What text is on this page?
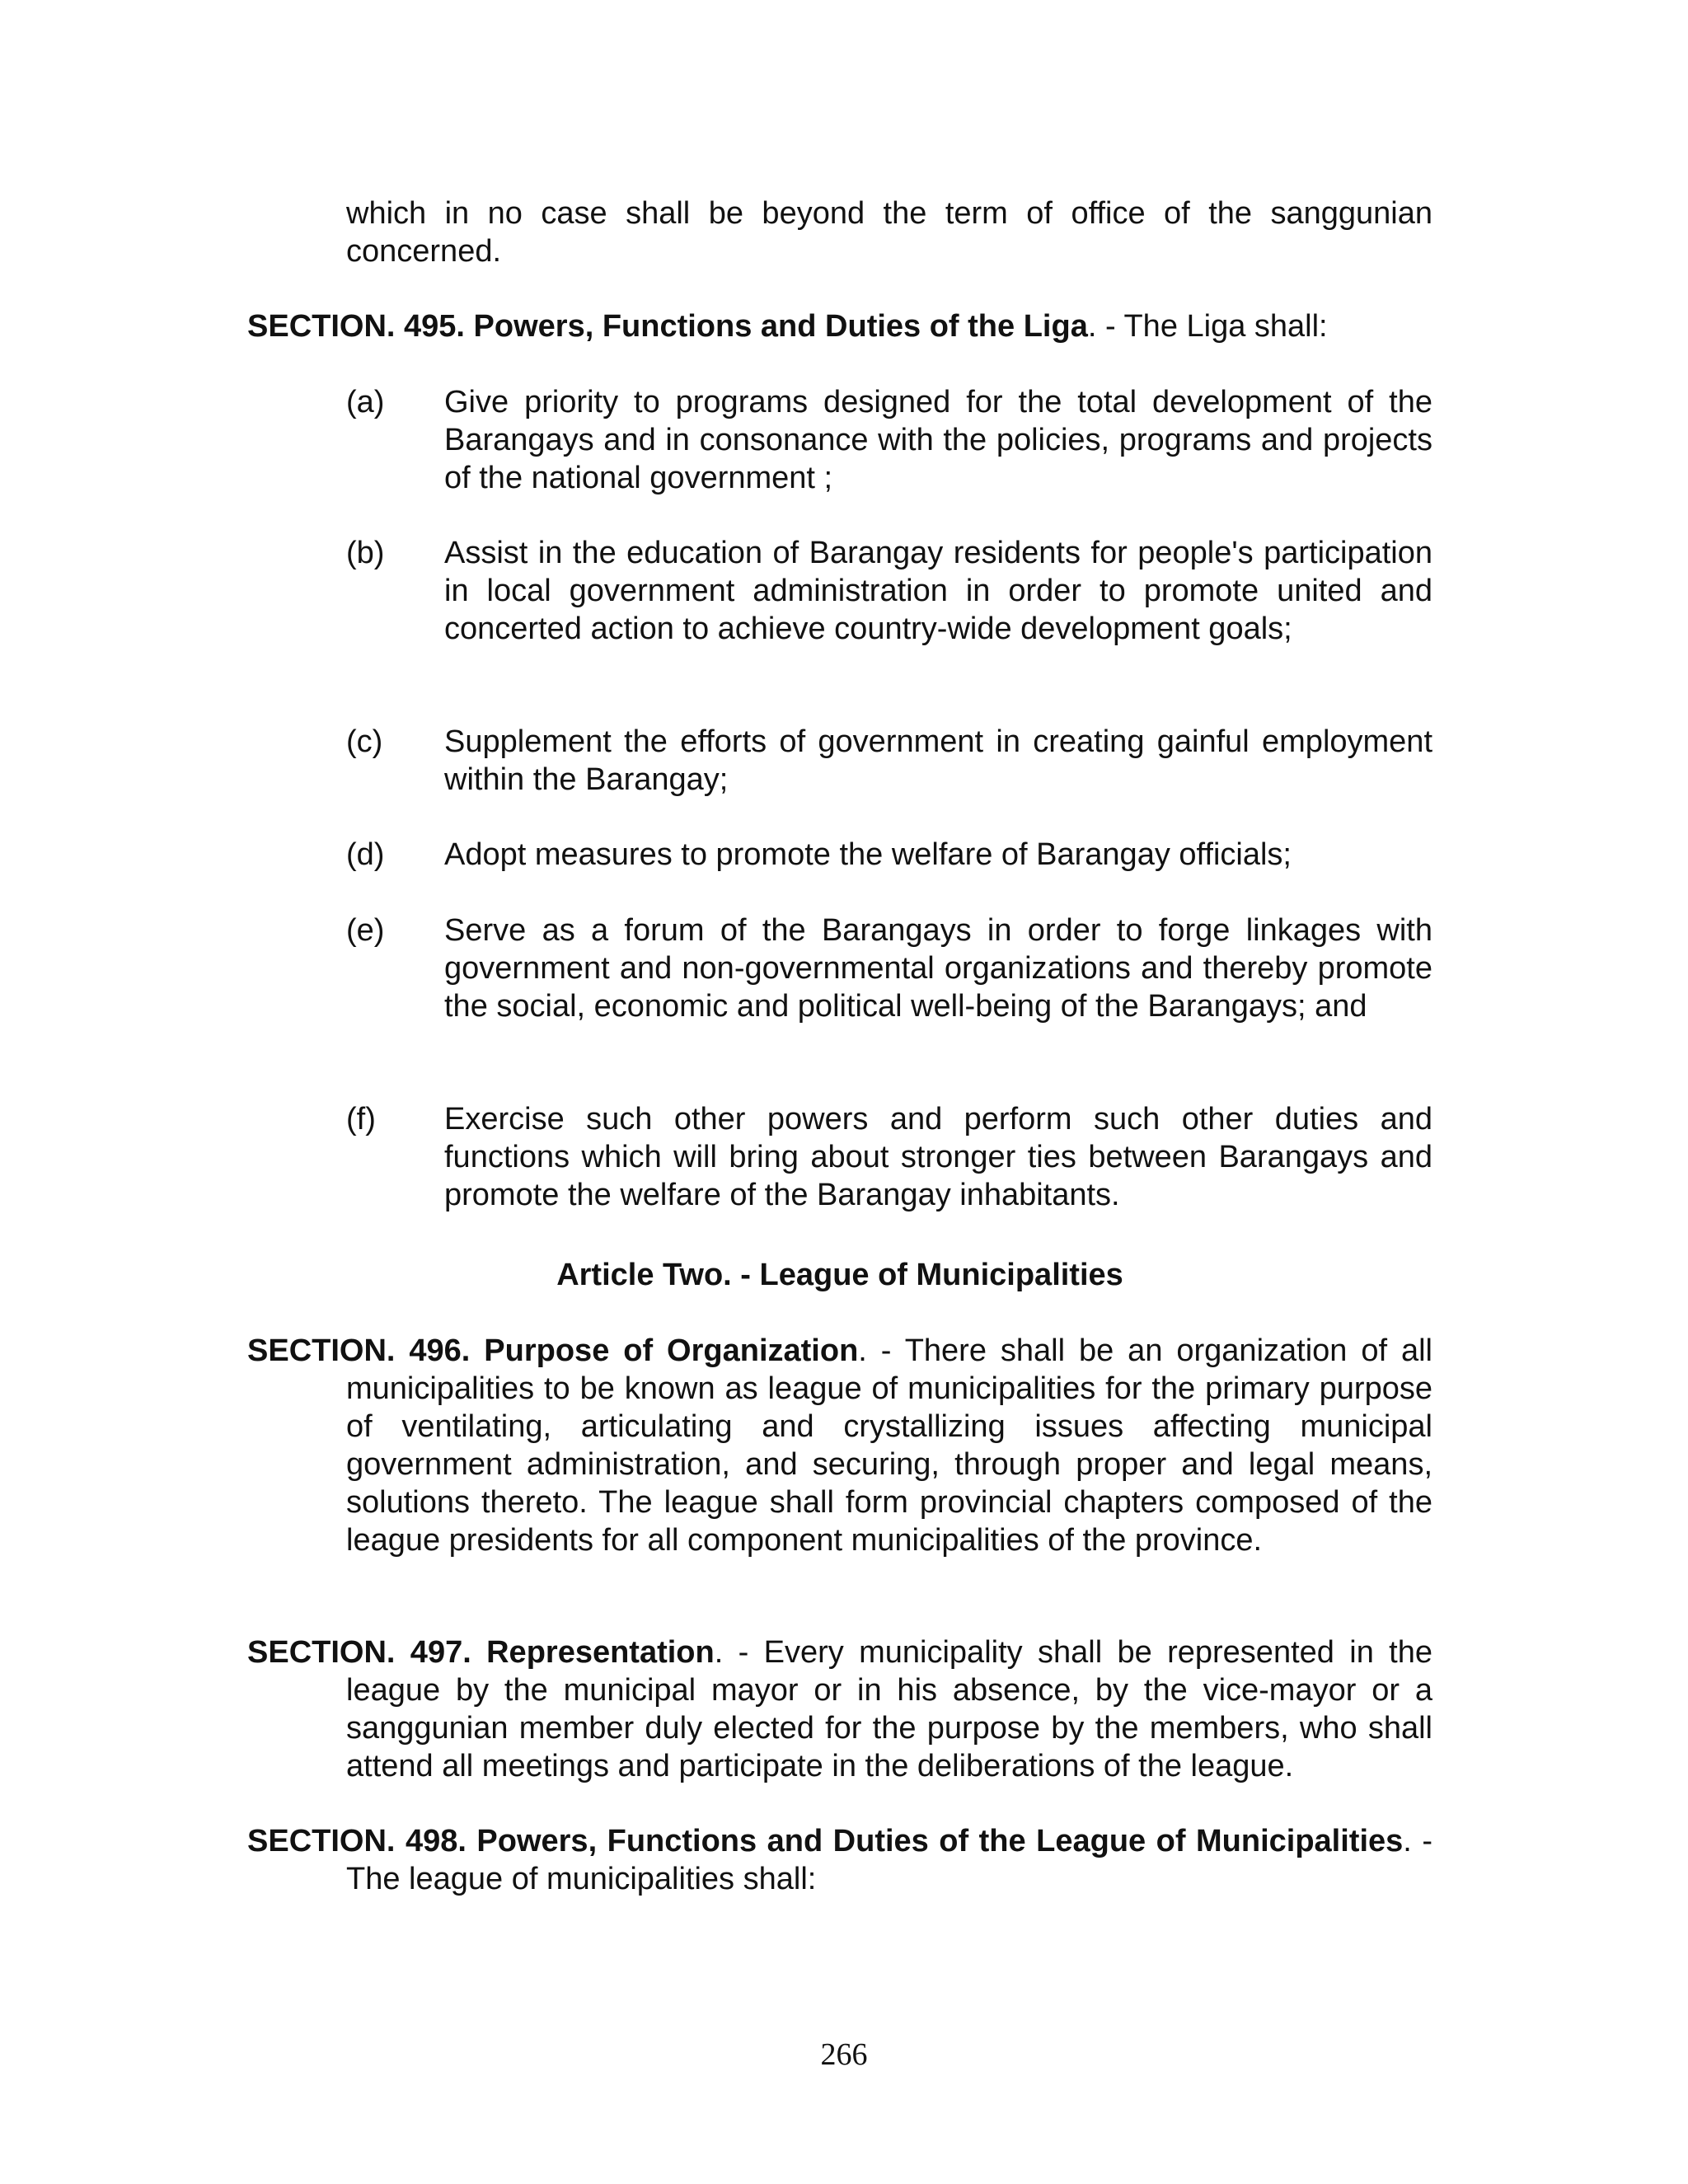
which in no case shall be beyond the term of office of the sanggunian concerned.

SECTION. 495. Powers, Functions and Duties of the Liga. - The Liga shall:

(a)	Give priority to programs designed for the total development of the Barangays and in consonance with the policies, programs and projects of the national government ;
(b)	Assist in the education of Barangay residents for people's participation in local government administration in order to promote united and concerted action to achieve country-wide development goals;
(c)	Supplement the efforts of government in creating gainful employment within the Barangay;
(d)	Adopt measures to promote the welfare of Barangay officials;
(e)	Serve as a forum of the Barangays in order to forge linkages with government and non-governmental organizations and thereby promote the social, economic and political well-being of the Barangays; and
(f)	Exercise such other powers and perform such other duties and functions which will bring about stronger ties between Barangays and promote the welfare of the Barangay inhabitants.
Article Two. - League of Municipalities

SECTION. 496. Purpose of Organization. - There shall be an organization of all municipalities to be known as league of municipalities for the primary purpose of ventilating, articulating and crystallizing issues affecting municipal government administration, and securing, through proper and legal means, solutions thereto. The league shall form provincial chapters composed of the league presidents for all component municipalities of the province.

SECTION. 497. Representation. - Every municipality shall be represented in the league by the municipal mayor or in his absence, by the vice-mayor or a sanggunian member duly elected for the purpose by the members, who shall attend all meetings and participate in the deliberations of the league.

SECTION. 498. Powers, Functions and Duties of the League of Municipalities. - The league of municipalities shall:

266
